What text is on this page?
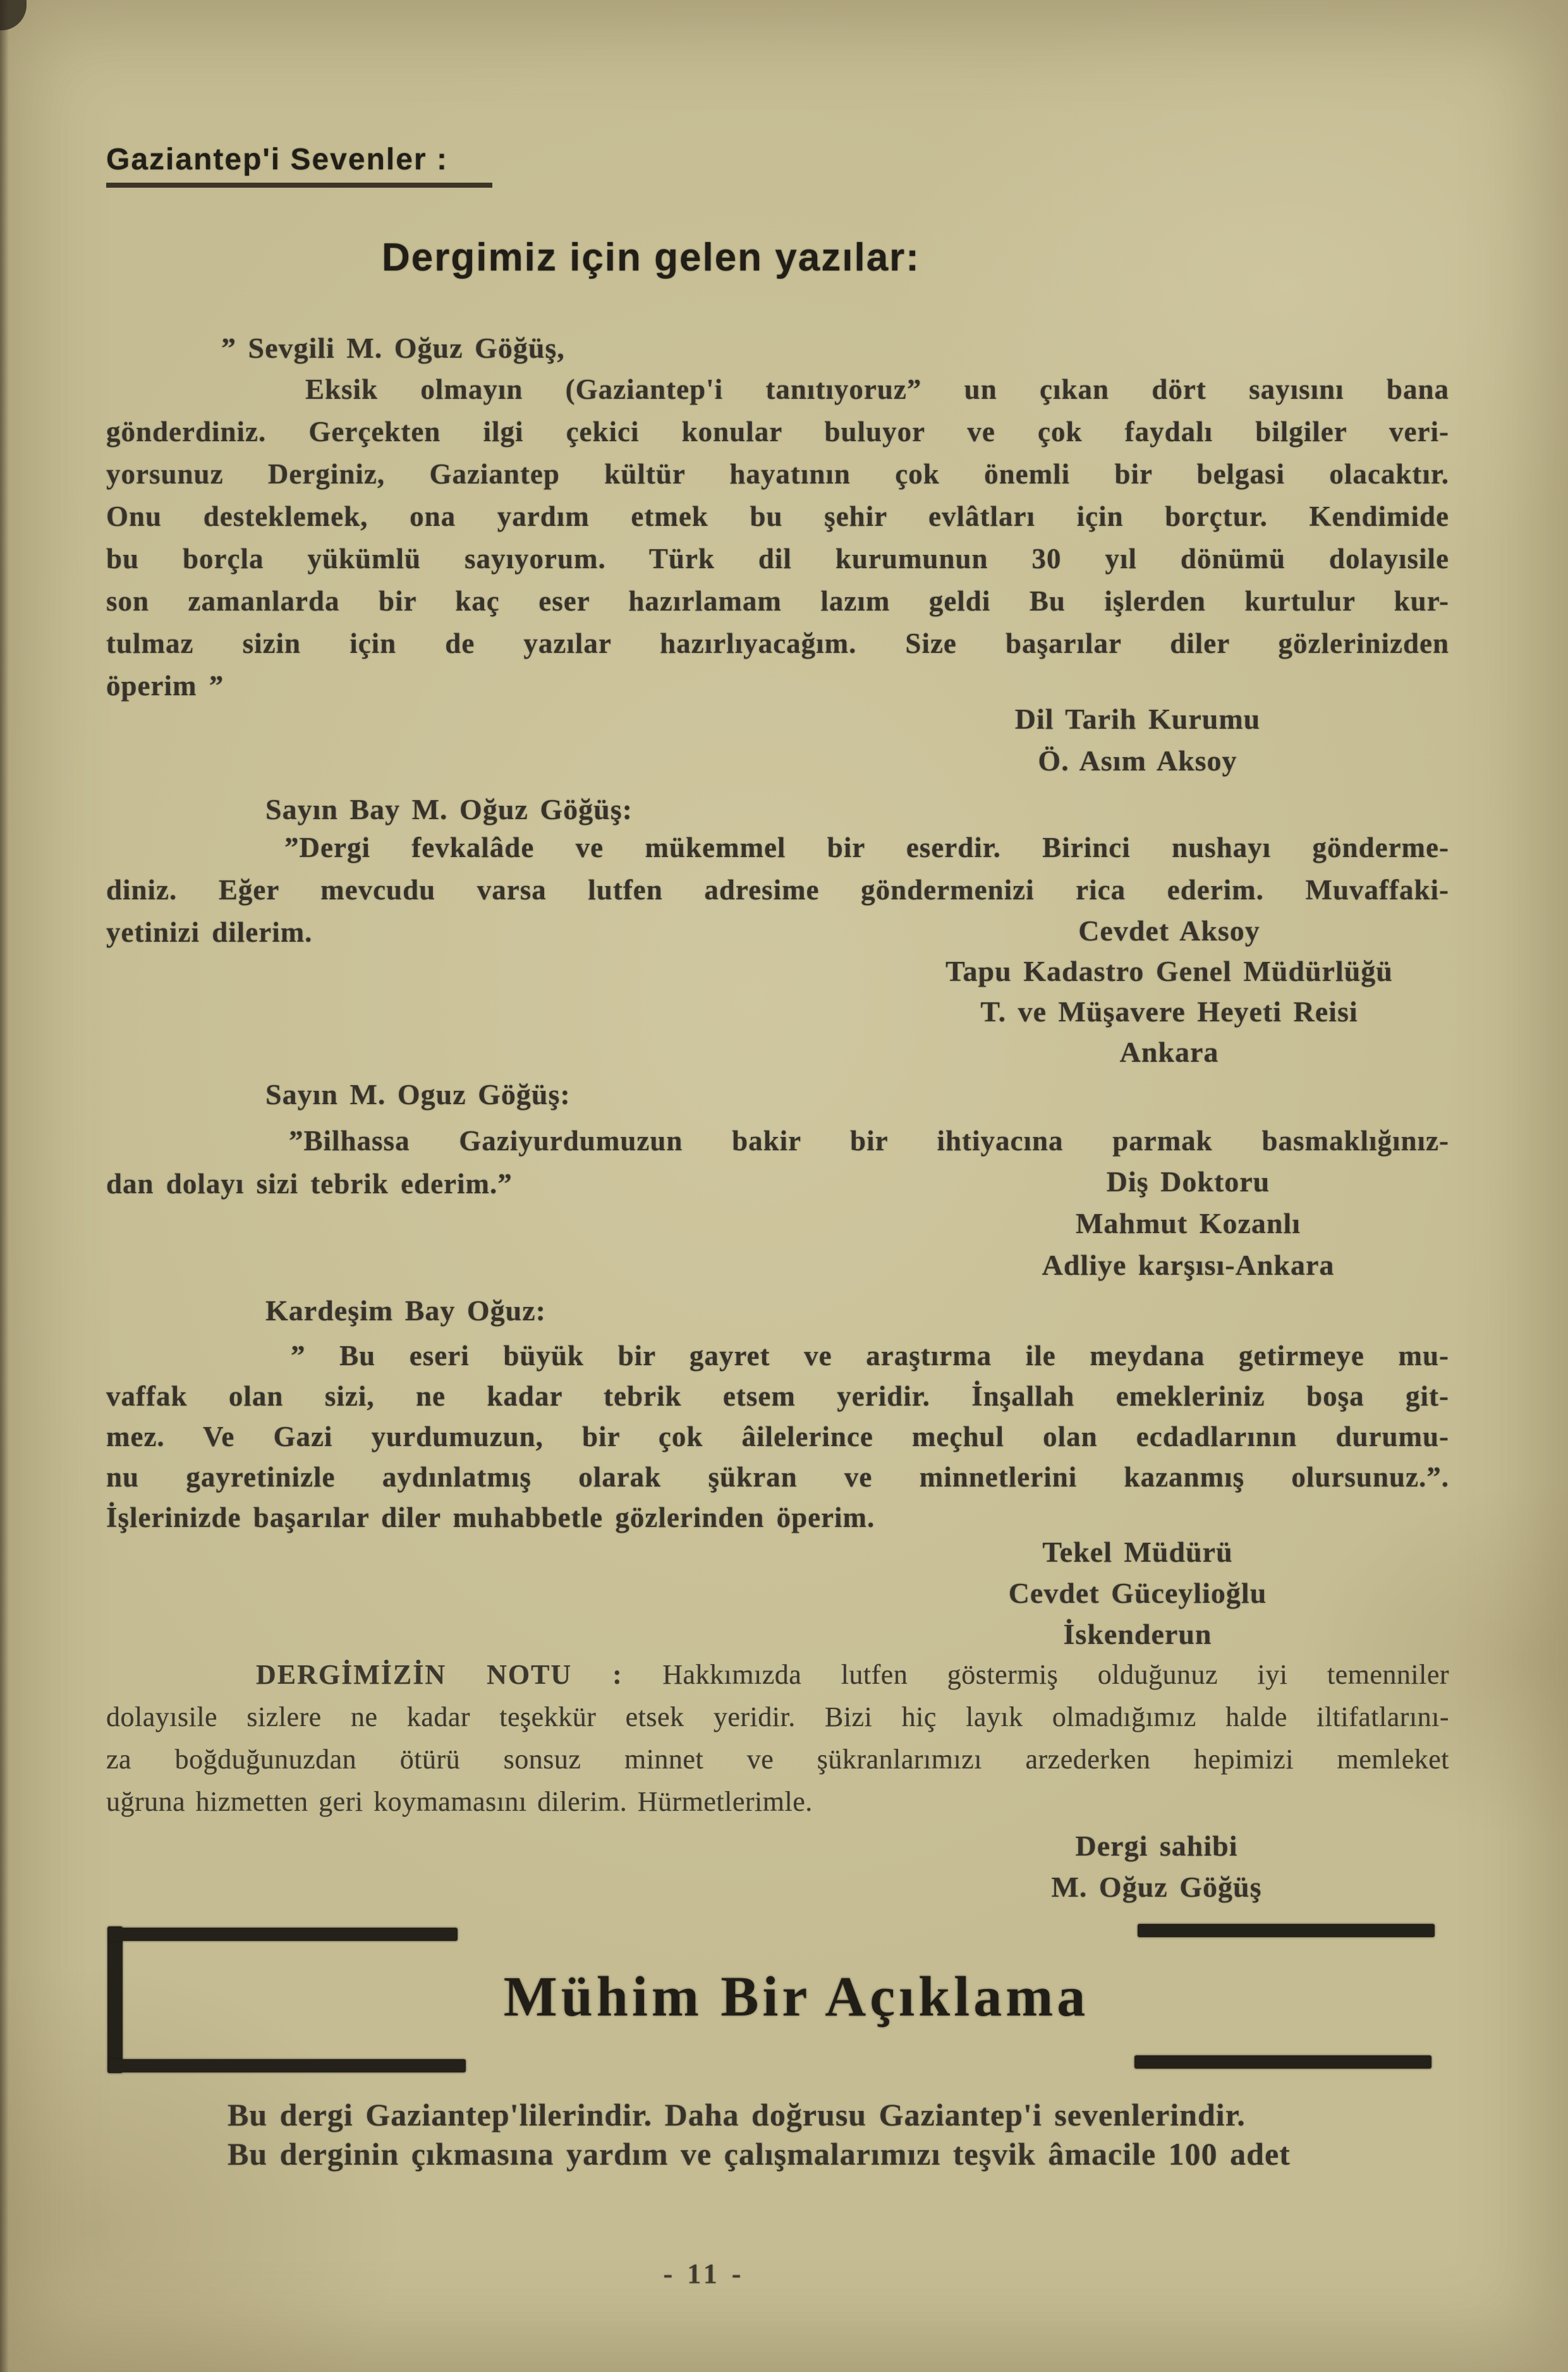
Gaziantep'i Sevenler :
Dergimiz için gelen yazılar:
” Sevgili M. Oğuz Göğüş,
Eksik olmayın (Gaziantep'i tanıtıyoruz” un çıkan dört sayısını bana
gönderdiniz. Gerçekten ilgi çekici konular buluyor ve çok faydalı bilgiler veri-
yorsunuz Derginiz, Gaziantep kültür hayatının çok önemli bir belgasi olacaktır.
Onu desteklemek, ona yardım etmek bu şehir evlâtları için borçtur. Kendimide
bu borçla yükümlü sayıyorum. Türk dil kurumunun 30 yıl dönümü dolayısile
son zamanlarda bir kaç eser hazırlamam lazım geldi Bu işlerden kurtulur kur-
tulmaz sizin için de yazılar hazırlıyacağım. Size başarılar diler gözlerinizden
öperim ”
Dil Tarih Kurumu
Ö. Asım Aksoy
Sayın Bay M. Oğuz Göğüş:
”Dergi fevkalâde ve mükemmel bir eserdir. Birinci nushayı gönderme-
diniz. Eğer mevcudu varsa lutfen adresime göndermenizi rica ederim. Muvaffaki-
yetinizi dilerim.	Cevdet Aksoy
Tapu Kadastro Genel Müdürlüğü
T. ve Müşavere Heyeti Reisi
Ankara
Sayın M. Oguz Göğüş:
”Bilhassa Gaziyurdumuzun bakir bir ihtiyacına parmak basmaklığınız-
dan dolayı sizi tebrik ederim.”	Diş Doktoru
Mahmut Kozanlı
Adliye karşısı-Ankara
Kardeşim Bay Oğuz:
” Bu eseri büyük bir gayret ve araştırma ile meydana getirmeye mu-
vaffak olan sizi, ne kadar tebrik etsem yeridir. İnşallah emekleriniz boşa git-
mez. Ve Gazi yurdumuzun, bir çok âilelerince meçhul olan ecdadlarının durumu-
nu gayretinizle aydınlatmış olarak şükran ve minnetlerini kazanmış olursunuz.”.
İşlerinizde başarılar diler muhabbetle gözlerinden öperim.
Tekel Müdürü
Cevdet Güceylioğlu
İskenderun
DERGİMİZİN NOTU : Hakkımızda lutfen göstermiş olduğunuz iyi temenniler
dolayısile sizlere ne kadar teşekkür etsek yeridir. Bizi hiç layık olmadığımız halde iltifatlarını-
za boğduğunuzdan ötürü sonsuz minnet ve şükranlarımızı arzederken hepimizi memleket
uğruna hizmetten geri koymamasını dilerim. Hürmetlerimle.
Dergi sahibi
M. Oğuz Göğüş
Mühim Bir Açıklama
Bu dergi Gaziantep'lilerindir. Daha doğrusu Gaziantep'i sevenlerindir.
Bu derginin çıkmasına yardım ve çalışmalarımızı teşvik âmacile 100 adet
- 11 -
